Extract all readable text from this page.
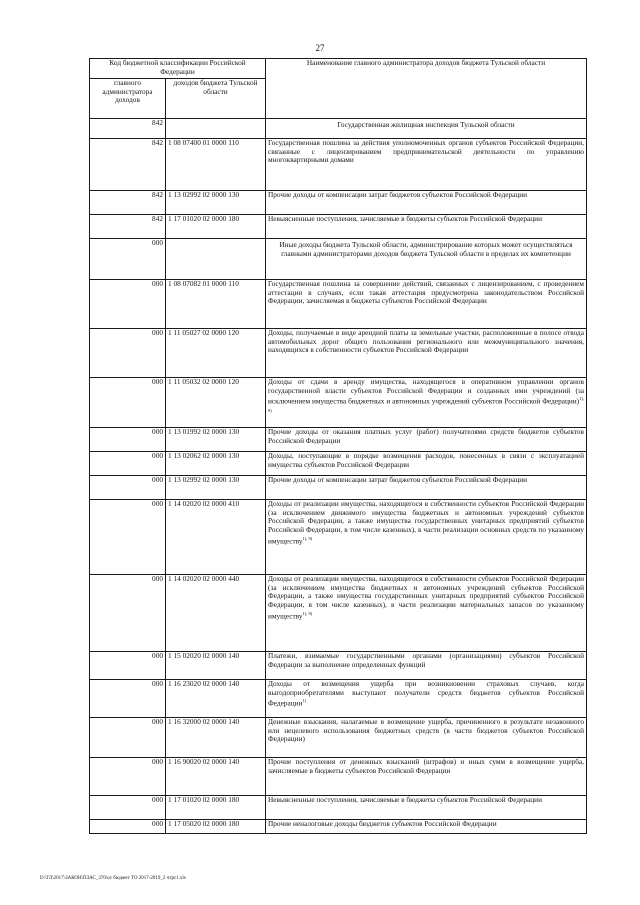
27
Код бюджетной классификации Российской Федерации		Наименование главного администратора доходов бюджета Тульской области
главного администратора доходов	доходов бюджета Тульской области	
842		Государственная жилищная инспекция Тульской области
842	1 08 07400 01 0000 110	Государственная пошлина за действия уполномоченных органов субъектов Российской Федерации, связанные с лицензированием предпринимательской деятельности по управлению многоквартирными домами
842	1 13 02992 02 0000 130	Прочие доходы от компенсации затрат бюджетов субъектов Российской Федерации
842	1 17 01020 02 0000 180	Невыясненные поступления, зачисляемые в бюджеты субъектов Российской Федерации
000		Иные доходы бюджета Тульской области, администрирование которых может осуществляться главными администраторами доходов бюджета Тульской области в пределах их компетенции
000	1 08 07082 01 0000 110	Государственная пошлина за совершение действий, связанных с лицензированием, с проведением аттестации в случаях, если такая аттестация предусмотрена законодательством Российской Федерации, зачисляемая в бюджеты субъектов Российской Федерации
000	1 11 05027 02 0000 120	Доходы, получаемые в виде арендной платы за земельные участки, расположенные в полосе отвода автомобильных дорог общего пользования регионального или межмуниципального значения, находящихся в собственности субъектов Российской Федерации
000	1 11 05032 02 0000 120	Доходы от сдачи в аренду имущества, находящегося в оперативном управлении органов государственной власти субъектов Российской Федерации и созданных ими учреждений (за исключением имущества бюджетных и автономных учреждений субъектов Российской Федерации)$^{1), 9)}$
000	1 13 01992 02 0000 130	Прочие доходы от оказания платных услуг (работ) получателями средств бюджетов субъектов Российской Федерации
000	1 13 02062 02 0000 130	Доходы, поступающие в порядке возмещения расходов, понесенных в связи с эксплуатацией имущества субъектов Российской Федерации
000	1 13 02992 02 0000 130	Прочие доходы от компенсации затрат бюджетов субъектов Российской Федерации
000	1 14 02020 02 0000 410	Доходы от реализации имущества, находящегося в собственности субъектов Российской Федерации (за исключением движимого имущества бюджетных и автономных учреждений субъектов Российской Федерации, а также имущества государственных унитарных предприятий субъектов Российской Федерации, в том числе казенных), в части реализации основных средств по указанному имуществу$^{1), 9)}$
000	1 14 02020 02 0000 440	Доходы от реализации имущества, находящегося в собственности субъектов Российской Федерации (за исключением имущества бюджетных и автономных учреждений субъектов Российской Федерации, а также имущества государственных унитарных предприятий субъектов Российской Федерации, в том числе казенных), в части реализации материальных запасов по указанному имуществу$^{1), 9)}$
000	1 15 02020 02 0000 140	Платежи, взимаемые государственными органами (организациями) субъектов Российской Федерации за выполнение определенных функций
000	1 16 23020 02 0000 140	Доходы от возмещения ущерба при возникновении страховых случаев, когда выгодоприобретателями выступают получатели средств бюджетов субъектов Российской Федерации$^{1)}$
000	1 16 32000 02 0000 140	Денежные взыскания, налагаемые в возмещение ущерба, причиненного в результате незаконного или нецелевого использования бюджетных средств (в части бюджетов субъектов Российской Федерации)
000	1 16 90020 02 0000 140	Прочие поступления от денежных взысканий (штрафов) и иных сумм в возмещение ущерба, зачисляемые в бюджеты субъектов Российской Федерации
000	1 17 01020 02 0000 180	Невыясненные поступления, зачисляемые в бюджеты субъектов Российской Федерации
000	1 17 05020 02 0000 180	Прочие неналоговые доходы бюджетов субъектов Российской Федерации
D:\ГЛ\2017\ЗАКОН\ПЗАС_370\ос бюджет ТО 2017-2019_2 чтрс1.xls
